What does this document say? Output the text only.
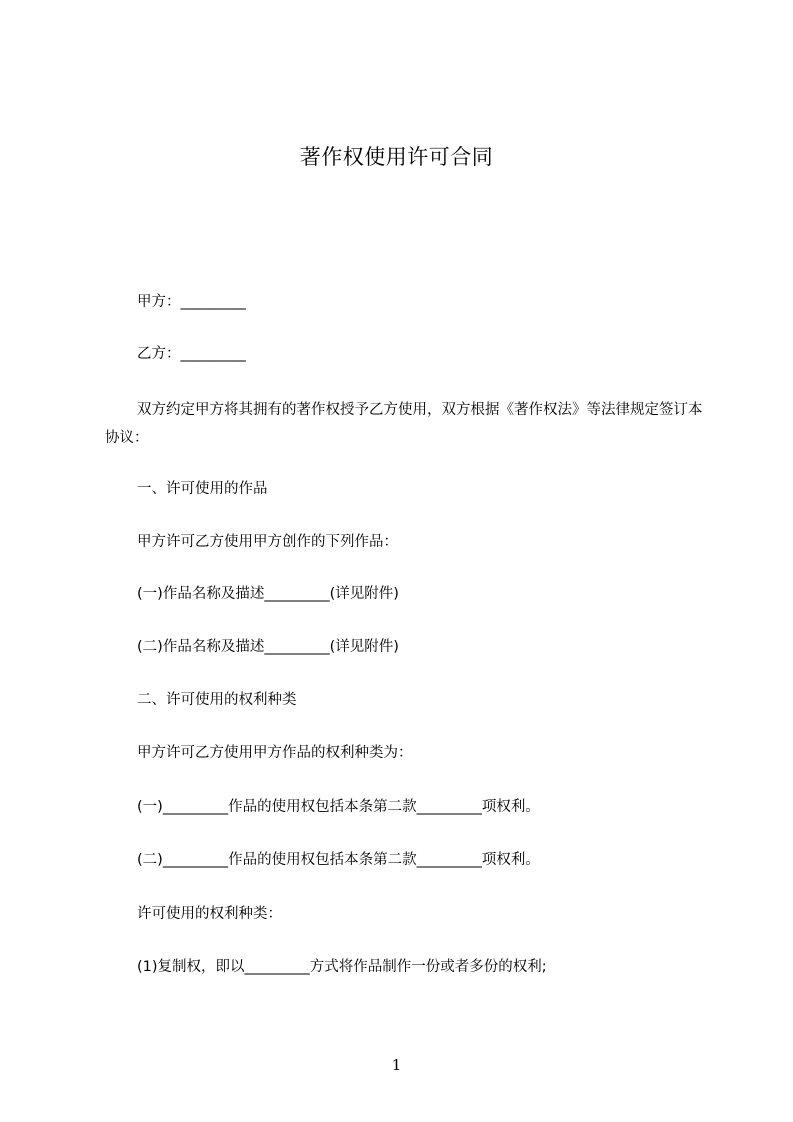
著作权使用许可合同
甲方：_________
乙方：_________
双方约定甲方将其拥有的著作权授予乙方使用，双方根据《著作权法》等法律规定签订本协议：
一、许可使用的作品
甲方许可乙方使用甲方创作的下列作品：
(一)作品名称及描述_________(详见附件)
(二)作品名称及描述_________(详见附件)
二、许可使用的权利种类
甲方许可乙方使用甲方作品的权利种类为：
(一)_________作品的使用权包括本条第二款_________项权利。
(二)_________作品的使用权包括本条第二款_________项权利。
许可使用的权利种类：
(1)复制权，即以_________方式将作品制作一份或者多份的权利;
1
